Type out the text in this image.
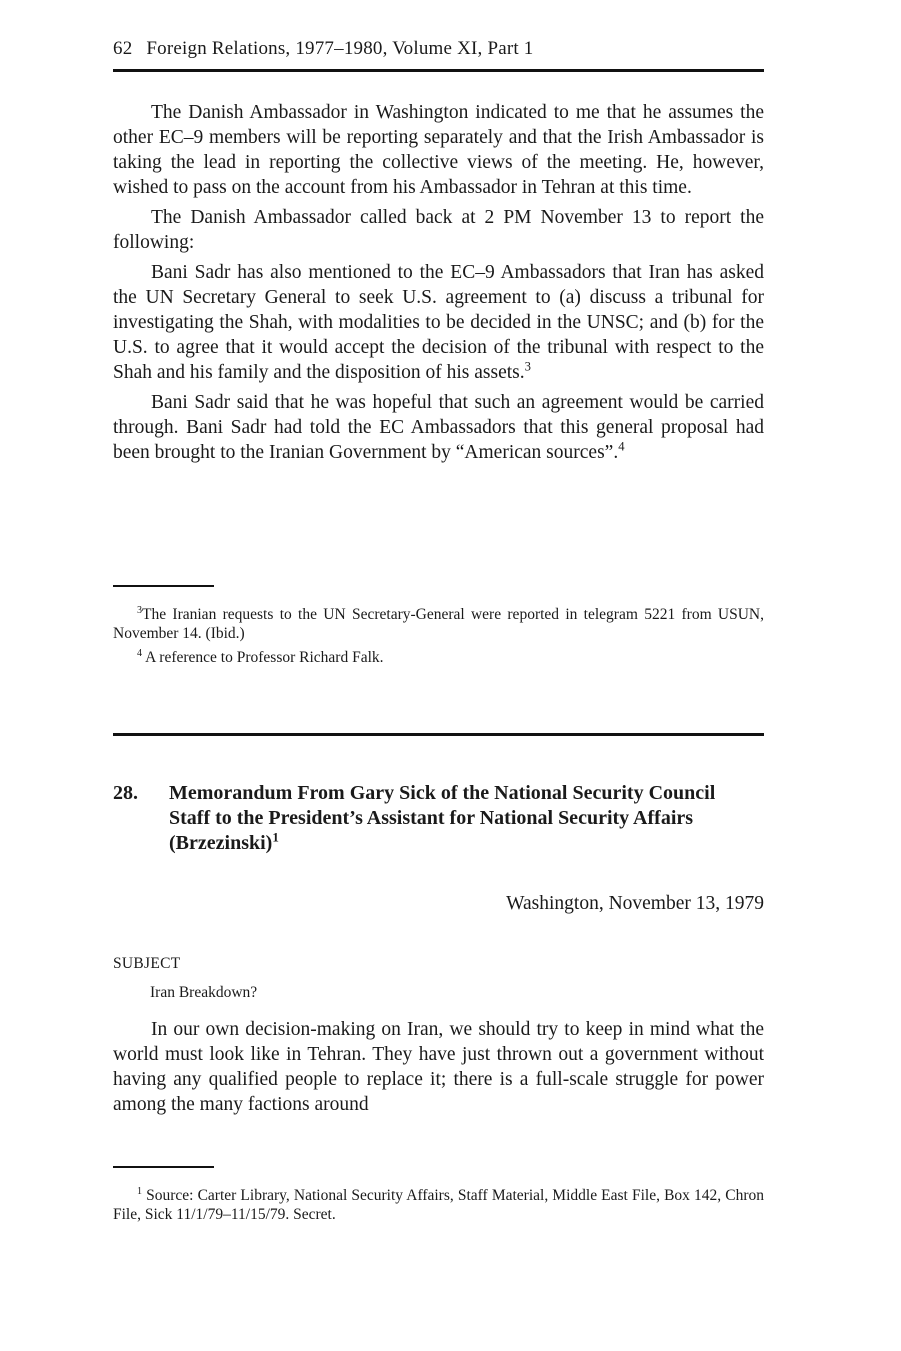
62 Foreign Relations, 1977–1980, Volume XI, Part 1

The Danish Ambassador in Washington indicated to me that he assumes the other EC–9 members will be reporting separately and that the Irish Ambassador is taking the lead in reporting the collective views of the meeting. He, however, wished to pass on the account from his Ambassador in Tehran at this time.

The Danish Ambassador called back at 2 PM November 13 to report the following:

Bani Sadr has also mentioned to the EC–9 Ambassadors that Iran has asked the UN Secretary General to seek U.S. agreement to (a) discuss a tribunal for investigating the Shah, with modalities to be decided in the UNSC; and (b) for the U.S. to agree that it would accept the decision of the tribunal with respect to the Shah and his family and the disposition of his assets.$^3$

Bani Sadr said that he was hopeful that such an agreement would be carried through. Bani Sadr had told the EC Ambassadors that this general proposal had been brought to the Iranian Government by “American sources”.$^4$

$^3$The Iranian requests to the UN Secretary-General were reported in telegram 5221 from USUN, November 14. (Ibid.)

$^4$ A reference to Professor Richard Falk.

28. Memorandum From Gary Sick of the National Security Council Staff to the President’s Assistant for National Security Affairs (Brzezinski)$^1$
Washington, November 13, 1979
SUBJECT
Iran Breakdown?

In our own decision-making on Iran, we should try to keep in mind what the world must look like in Tehran. They have just thrown out a government without having any qualified people to replace it; there is a full-scale struggle for power among the many factions around

$^1$ Source: Carter Library, National Security Affairs, Staff Material, Middle East File, Box 142, Chron File, Sick 11/1/79–11/15/79. Secret.
